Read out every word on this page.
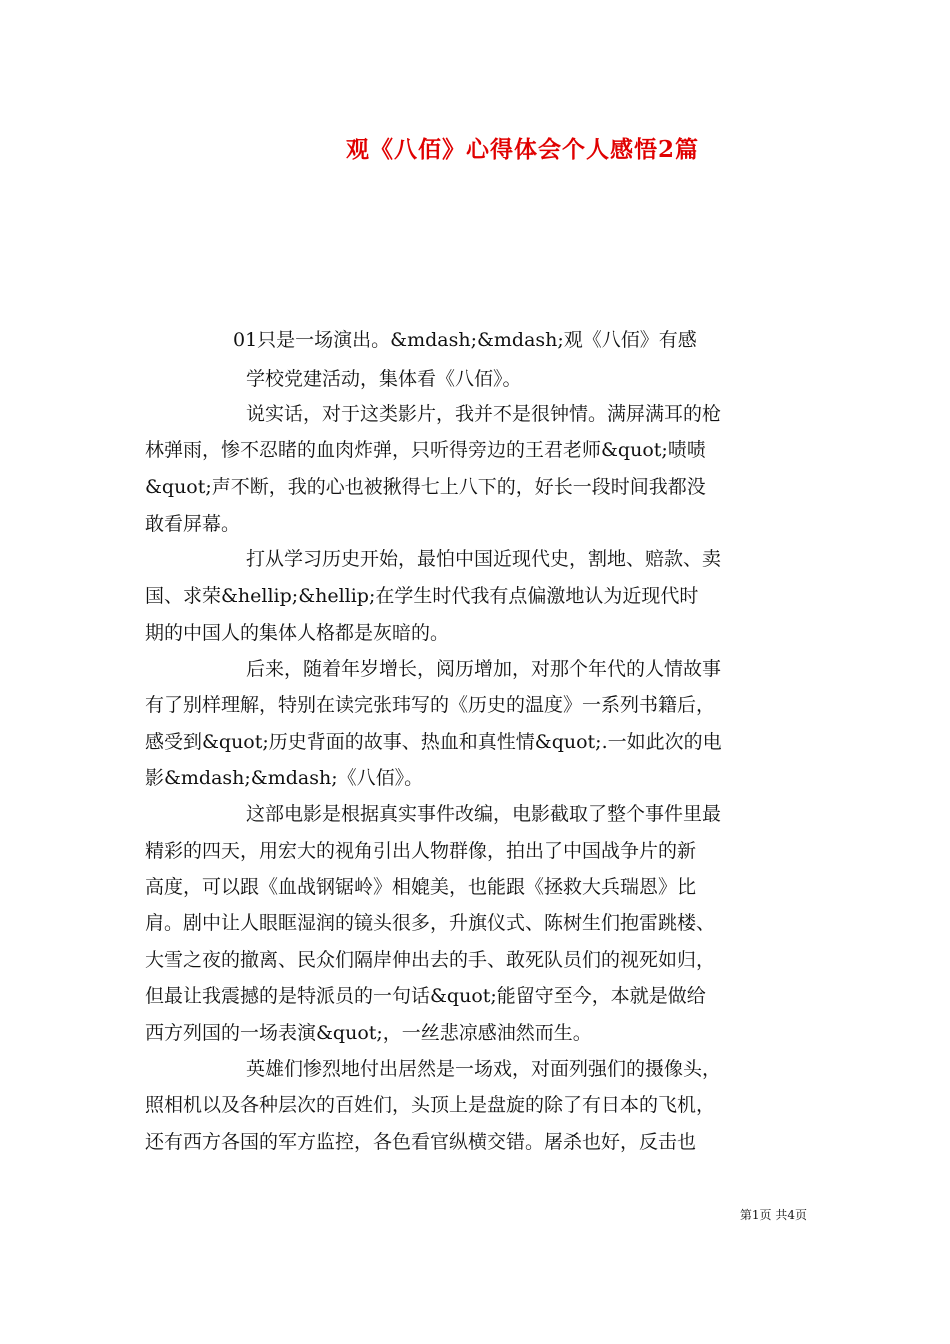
观《八佰》心得体会个人感悟2篇

01只是一场演出。&mdash;&mdash;观《八佰》有感

学校党建活动，集体看《八佰》。

说实话，对于这类影片，我并不是很钟情。满屏满耳的枪

林弹雨，惨不忍睹的血肉炸弹，只听得旁边的王君老师&quot;啧啧

&quot;声不断，我的心也被揪得七上八下的，好长一段时间我都没

敢看屏幕。

打从学习历史开始，最怕中国近现代史，割地、赔款、卖

国、求荣&hellip;&hellip;在学生时代我有点偏激地认为近现代时

期的中国人的集体人格都是灰暗的。

后来，随着年岁增长，阅历增加，对那个年代的人情故事

有了别样理解，特别在读完张玮写的《历史的温度》一系列书籍后，

感受到&quot;历史背面的故事、热血和真性情&quot;.一如此次的电

影&mdash;&mdash;《八佰》。

这部电影是根据真实事件改编，电影截取了整个事件里最

精彩的四天，用宏大的视角引出人物群像，拍出了中国战争片的新

高度，可以跟《血战钢锯岭》相媲美，也能跟《拯救大兵瑞恩》比

肩。剧中让人眼眶湿润的镜头很多，升旗仪式、陈树生们抱雷跳楼、

大雪之夜的撤离、民众们隔岸伸出去的手、敢死队员们的视死如归，

但最让我震撼的是特派员的一句话&quot;能留守至今，本就是做给

西方列国的一场表演&quot;，一丝悲凉感油然而生。

英雄们惨烈地付出居然是一场戏，对面列强们的摄像头，

照相机以及各种层次的百姓们，头顶上是盘旋的除了有日本的飞机，

还有西方各国的军方监控，各色看官纵横交错。屠杀也好，反击也

第1页 共4页
